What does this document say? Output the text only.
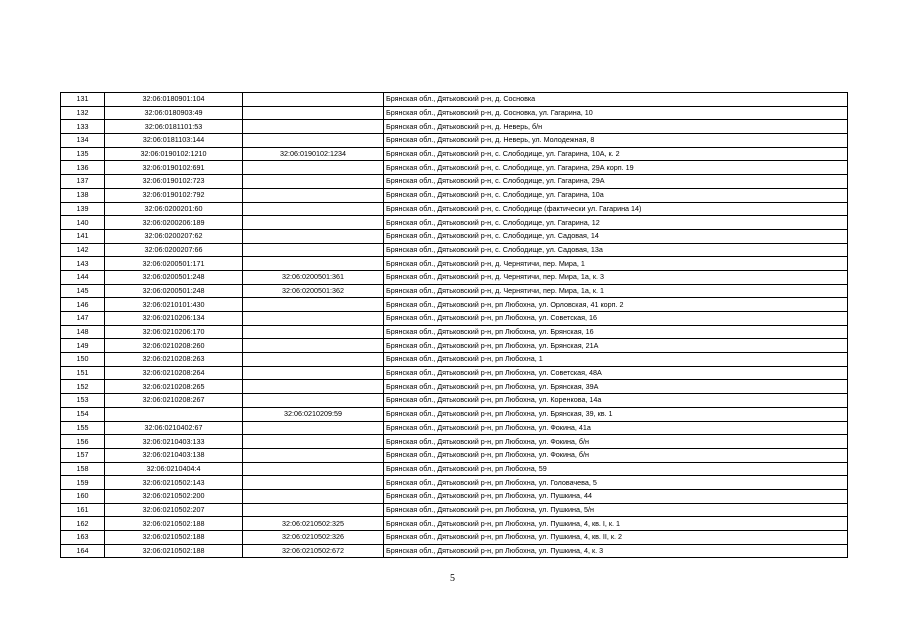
131	32:06:0180901:104		Брянская обл., Дятьковский р-н, д. Сосновка
132	32:06:0180903:49		Брянская обл., Дятьковский р-н, д. Сосновка, ул. Гагарина, 10
133	32:06:0181101:53		Брянская обл., Дятьковский р-н, д. Неверь, б/н
134	32:06:0181103:144		Брянская обл., Дятьковский р-н, д. Неверь, ул. Молодежная, 8
135	32:06:0190102:1210	32:06:0190102:1234	Брянская обл., Дятьковский р-н, с. Слободище, ул. Гагарина, 10А, к. 2
136	32:06:0190102:691		Брянская обл., Дятьковский р-н, с. Слободище, ул. Гагарина, 29А корп. 19
137	32:06:0190102:723		Брянская обл., Дятьковский р-н, с. Слободище, ул. Гагарина, 29А
138	32:06:0190102:792		Брянская обл., Дятьковский р-н, с. Слободище, ул. Гагарина, 10а
139	32:06:0200201:60		Брянская обл., Дятьковский р-н, с. Слободище (фактически ул. Гагарина 14)
140	32:06:0200206:189		Брянская обл., Дятьковский р-н, с. Слободище, ул. Гагарина, 12
141	32:06:0200207:62		Брянская обл., Дятьковский р-н, с. Слободище, ул. Садовая, 14
142	32:06:0200207:66		Брянская обл., Дятьковский р-н, с. Слободище, ул. Садовая, 13а
143	32:06:0200501:171		Брянская обл., Дятьковский р-н, д. Чернятичи, пер. Мира, 1
144	32:06:0200501:248	32:06:0200501:361	Брянская обл., Дятьковский р-н, д. Чернятичи, пер. Мира, 1а, к. 3
145	32:06:0200501:248	32:06:0200501:362	Брянская обл., Дятьковский р-н, д. Чернятичи, пер. Мира, 1а, к. 1
146	32:06:0210101:430		Брянская обл., Дятьковский р-н, рп Любохна, ул. Орловская, 41 корп. 2
147	32:06:0210206:134		Брянская обл., Дятьковский р-н, рп Любохна, ул. Советская, 16
148	32:06:0210206:170		Брянская обл., Дятьковский р-н, рп Любохна, ул. Брянская, 16
149	32:06:0210208:260		Брянская обл., Дятьковский р-н, рп Любохна, ул. Брянская, 21А
150	32:06:0210208:263		Брянская обл., Дятьковский р-н, рп Любохна, 1
151	32:06:0210208:264		Брянская обл., Дятьковский р-н, рп Любохна, ул. Советская, 48А
152	32:06:0210208:265		Брянская обл., Дятьковский р-н, рп Любохна, ул. Брянская, 39А
153	32:06:0210208:267		Брянская обл., Дятьковский р-н, рп Любохна, ул. Коренкова, 14а
154		32:06:0210209:59	Брянская обл., Дятьковский р-н, рп Любохна, ул. Брянская, 39, кв. 1
155	32:06:0210402:67		Брянская обл., Дятьковский р-н, рп Любохна, ул. Фокина, 41а
156	32:06:0210403:133		Брянская обл., Дятьковский р-н, рп Любохна, ул. Фокина, б/н
157	32:06:0210403:138		Брянская обл., Дятьковский р-н, рп Любохна, ул. Фокина, б/н
158	32:06:0210404:4		Брянская обл., Дятьковский р-н, рп Любохна, 59
159	32:06:0210502:143		Брянская обл., Дятьковский р-н, рп Любохна, ул. Головачева, 5
160	32:06:0210502:200		Брянская обл., Дятьковский р-н, рп Любохна, ул. Пушкина, 44
161	32:06:0210502:207		Брянская обл., Дятьковский р-н, рп Любохна, ул. Пушкина, 5/н
162	32:06:0210502:188	32:06:0210502:325	Брянская обл., Дятьковский р-н, рп Любохна, ул. Пушкина, 4, кв. I, к. 1
163	32:06:0210502:188	32:06:0210502:326	Брянская обл., Дятьковский р-н, рп Любохна, ул. Пушкина, 4, кв. II, к. 2
164	32:06:0210502:188	32:06:0210502:672	Брянская обл., Дятьковский р-н, рп Любохна, ул. Пушкина, 4, к. 3
5
